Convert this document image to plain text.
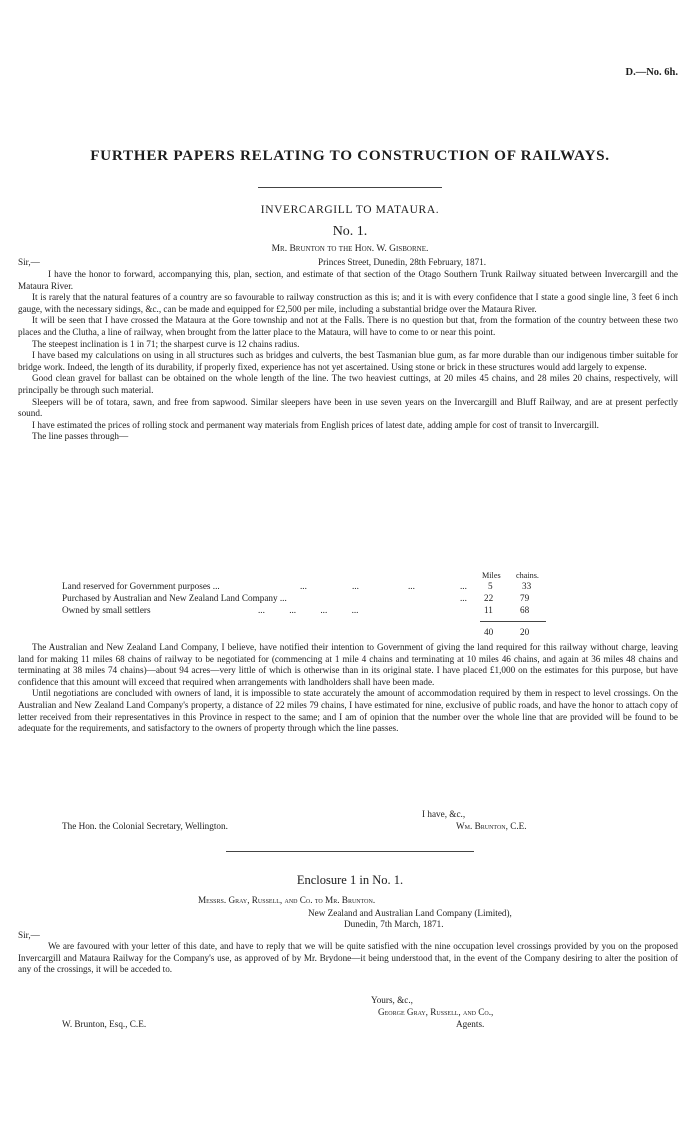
D.—No. 6h.
FURTHER PAPERS RELATING TO CONSTRUCTION OF RAILWAYS.
INVERCARGILL TO MATAURA.
No. 1.
Mr. Brunton to the Hon. W. Gisborne.
Sir,—	Princes Street, Dunedin, 28th February, 1871.

I have the honor to forward, accompanying this, plan, section, and estimate of that section of the Otago Southern Trunk Railway situated between Invercargill and the Mataura River.

It is rarely that the natural features of a country are so favourable to railway construction as this is; and it is with every confidence that I state a good single line, 3 feet 6 inch gauge, with the necessary sidings, &c., can be made and equipped for £2,500 per mile, including a substantial bridge over the Mataura River.

It will be seen that I have crossed the Mataura at the Gore township and not at the Falls. There is no question but that, from the formation of the country between these two places and the Clutha, a line of railway, when brought from the latter place to the Mataura, will have to come to or near this point.

The steepest inclination is 1 in 71; the sharpest curve is 12 chains radius.

I have based my calculations on using in all structures such as bridges and culverts, the best Tasmanian blue gum, as far more durable than our indigenous timber suitable for bridge work. Indeed, the length of its durability, if properly fixed, experience has not yet ascertained. Using stone or brick in these structures would add largely to expense.

Good clean gravel for ballast can be obtained on the whole length of the line. The two heaviest cuttings, at 20 miles 45 chains, and 28 miles 20 chains, respectively, will principally be through such material.

Sleepers will be of totara, sawn, and free from sapwood. Similar sleepers have been in use seven years on the Invercargill and Bluff Railway, and are at present perfectly sound.

I have estimated the prices of rolling stock and permanent way materials from English prices of latest date, adding ample for cost of transit to Invercargill.

The line passes through—

Miles chains.
Land reserved for Government purposes ...	...	...	...	... 5	33
Purchased by Australian and New Zealand Land Company ...	... 22	79
Owned by small settlers	... ... ... ...	11	68
40	20

The Australian and New Zealand Land Company, I believe, have notified their intention to Government of giving the land required for this railway without charge, leaving land for making 11 miles 68 chains of railway to be negotiated for (commencing at 1 mile 4 chains and terminating at 10 miles 46 chains, and again at 36 miles 48 chains and terminating at 38 miles 74 chains)—about 94 acres—very little of which is otherwise than in its original state. I have placed £1,000 on the estimates for this purpose, but have confidence that this amount will exceed that required when arrangements with landholders shall have been made.

Until negotiations are concluded with owners of land, it is impossible to state accurately the amount of accommodation required by them in respect to level crossings. On the Australian and New Zealand Land Company's property, a distance of 22 miles 79 chains, I have estimated for nine, exclusive of public roads, and have the honor to attach copy of letter received from their representatives in this Province in respect to the same; and I am of opinion that the number over the whole line that are provided will be found to be adequate for the requirements, and satisfactory to the owners of property through which the line passes.

I have, &c.,
The Hon. the Colonial Secretary, Wellington.	Wm. Brunton, C.E.
Enclosure 1 in No. 1.
Messrs. Gray, Russell, and Co. to Mr. Brunton.
New Zealand and Australian Land Company (Limited),
Dunedin, 7th March, 1871.
Sir,—

We are favoured with your letter of this date, and have to reply that we will be quite satisfied with the nine occupation level crossings provided by you on the proposed Invercargill and Mataura Railway for the Company's use, as approved of by Mr. Brydone—it being understood that, in the event of the Company desiring to alter the position of any of the crossings, it will be acceded to.

Yours, &c.,
George Gray, Russell, and Co.,
W. Brunton, Esq., C.E.	Agents.
